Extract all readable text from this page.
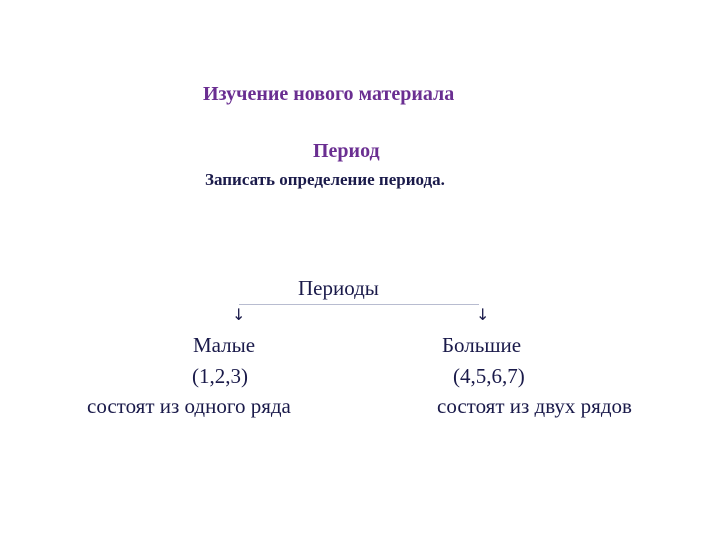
Изучение нового материала
Период
Записать определение периода.
Периоды
↓	↓
Малые
(1,2,3)
состоят из одного ряда
Большие
(4,5,6,7)
состоят из двух рядов
